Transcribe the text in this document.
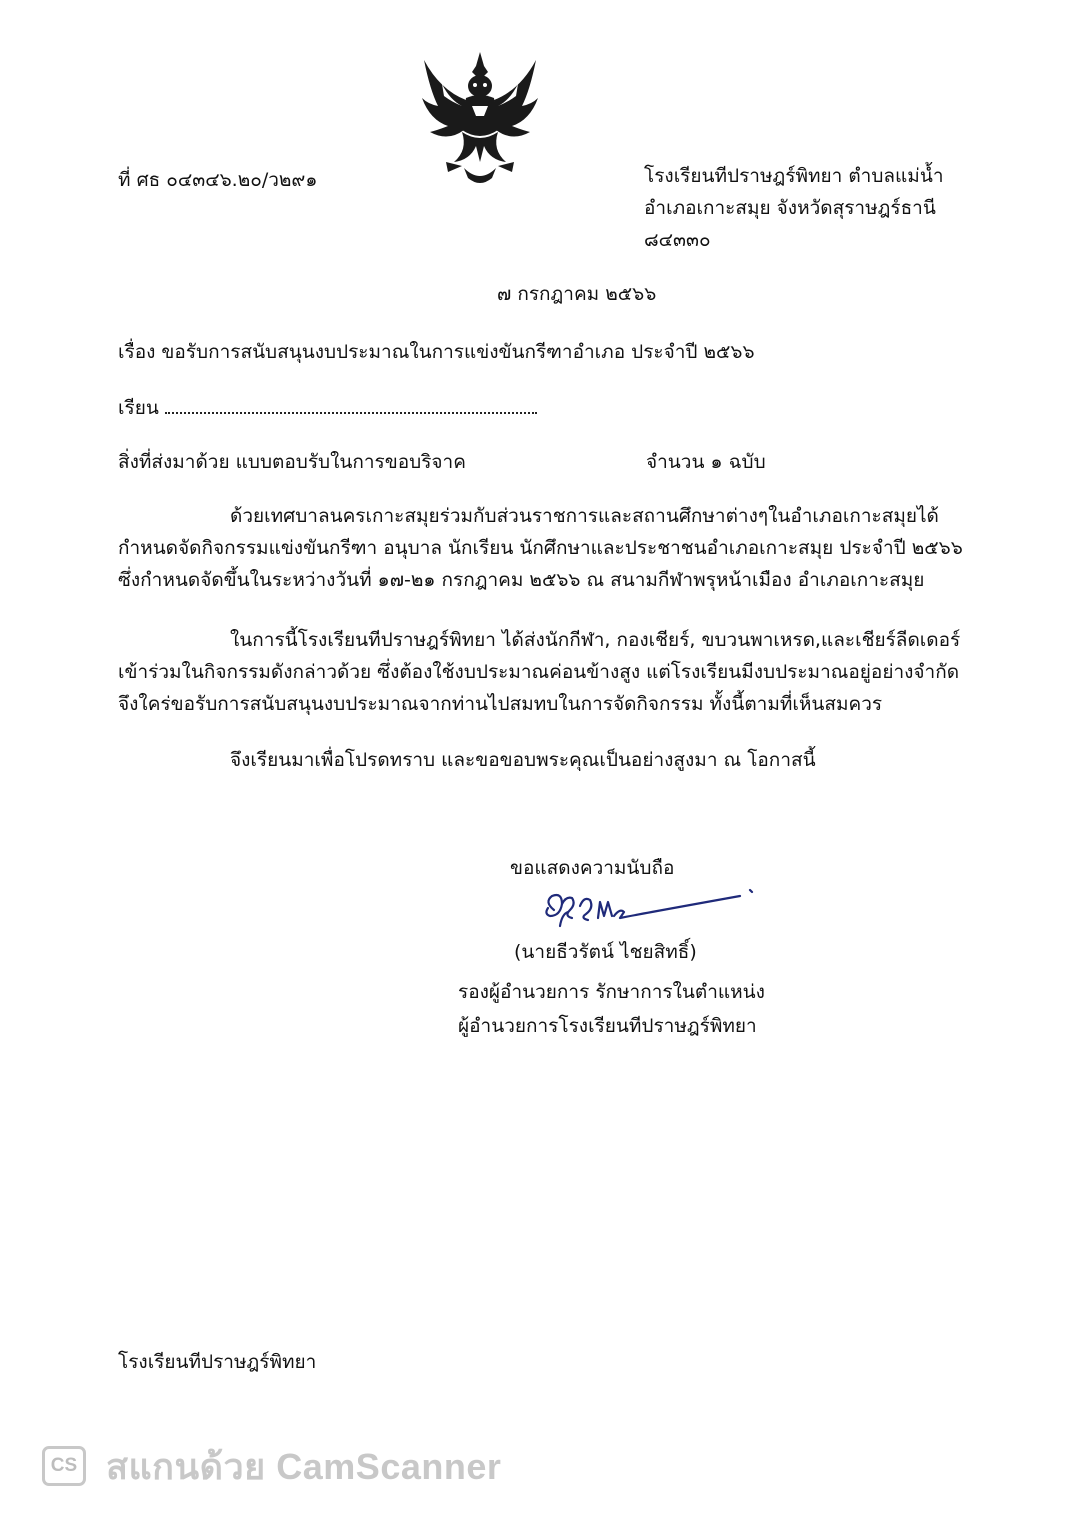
ที่ ศธ ๐๔๓๔๖.๒๐/ว๒๙๑	โรงเรียนทีปราษฎร์พิทยา ตำบลแม่น้ำ
อำเภอเกาะสมุย จังหวัดสุราษฎร์ธานี
๘๔๓๓๐
๗ กรกฎาคม ๒๕๖๖
เรื่อง ขอรับการสนับสนุนงบประมาณในการแข่งขันกรีฑาอำเภอ ประจำปี ๒๕๖๖
เรียน
สิ่งที่ส่งมาด้วย แบบตอบรับในการขอบริจาค	จำนวน ๑ ฉบับ
ด้วยเทศบาลนครเกาะสมุยร่วมกับส่วนราชการและสถานศึกษาต่างๆในอำเภอเกาะสมุยได้กำหนดจัดกิจกรรมแข่งขันกรีฑา อนุบาล นักเรียน นักศึกษาและประชาชนอำเภอเกาะสมุย ประจำปี ๒๕๖๖ ซึ่งกำหนดจัดขึ้นในระหว่างวันที่ ๑๗-๒๑ กรกฎาคม ๒๕๖๖ ณ สนามกีฬาพรุหน้าเมือง อำเภอเกาะสมุย
ในการนี้โรงเรียนทีปราษฎร์พิทยา ได้ส่งนักกีฬา, กองเชียร์, ขบวนพาเหรด,และเชียร์ลีดเดอร์ เข้าร่วมในกิจกรรมดังกล่าวด้วย ซึ่งต้องใช้งบประมาณค่อนข้างสูง แต่โรงเรียนมีงบประมาณอยู่อย่างจำกัด จึงใคร่ขอรับการสนับสนุนงบประมาณจากท่านไปสมทบในการจัดกิจกรรม ทั้งนี้ตามที่เห็นสมควร
จึงเรียนมาเพื่อโปรดทราบ และขอขอบพระคุณเป็นอย่างสูงมา ณ โอกาสนี้
ขอแสดงความนับถือ
(นายธีวรัตน์ ไชยสิทธิ์)
รองผู้อำนวยการ รักษาการในตำแหน่ง
ผู้อำนวยการโรงเรียนทีปราษฎร์พิทยา
โรงเรียนทีปราษฎร์พิทยา
CS สแกนด้วย CamScanner
